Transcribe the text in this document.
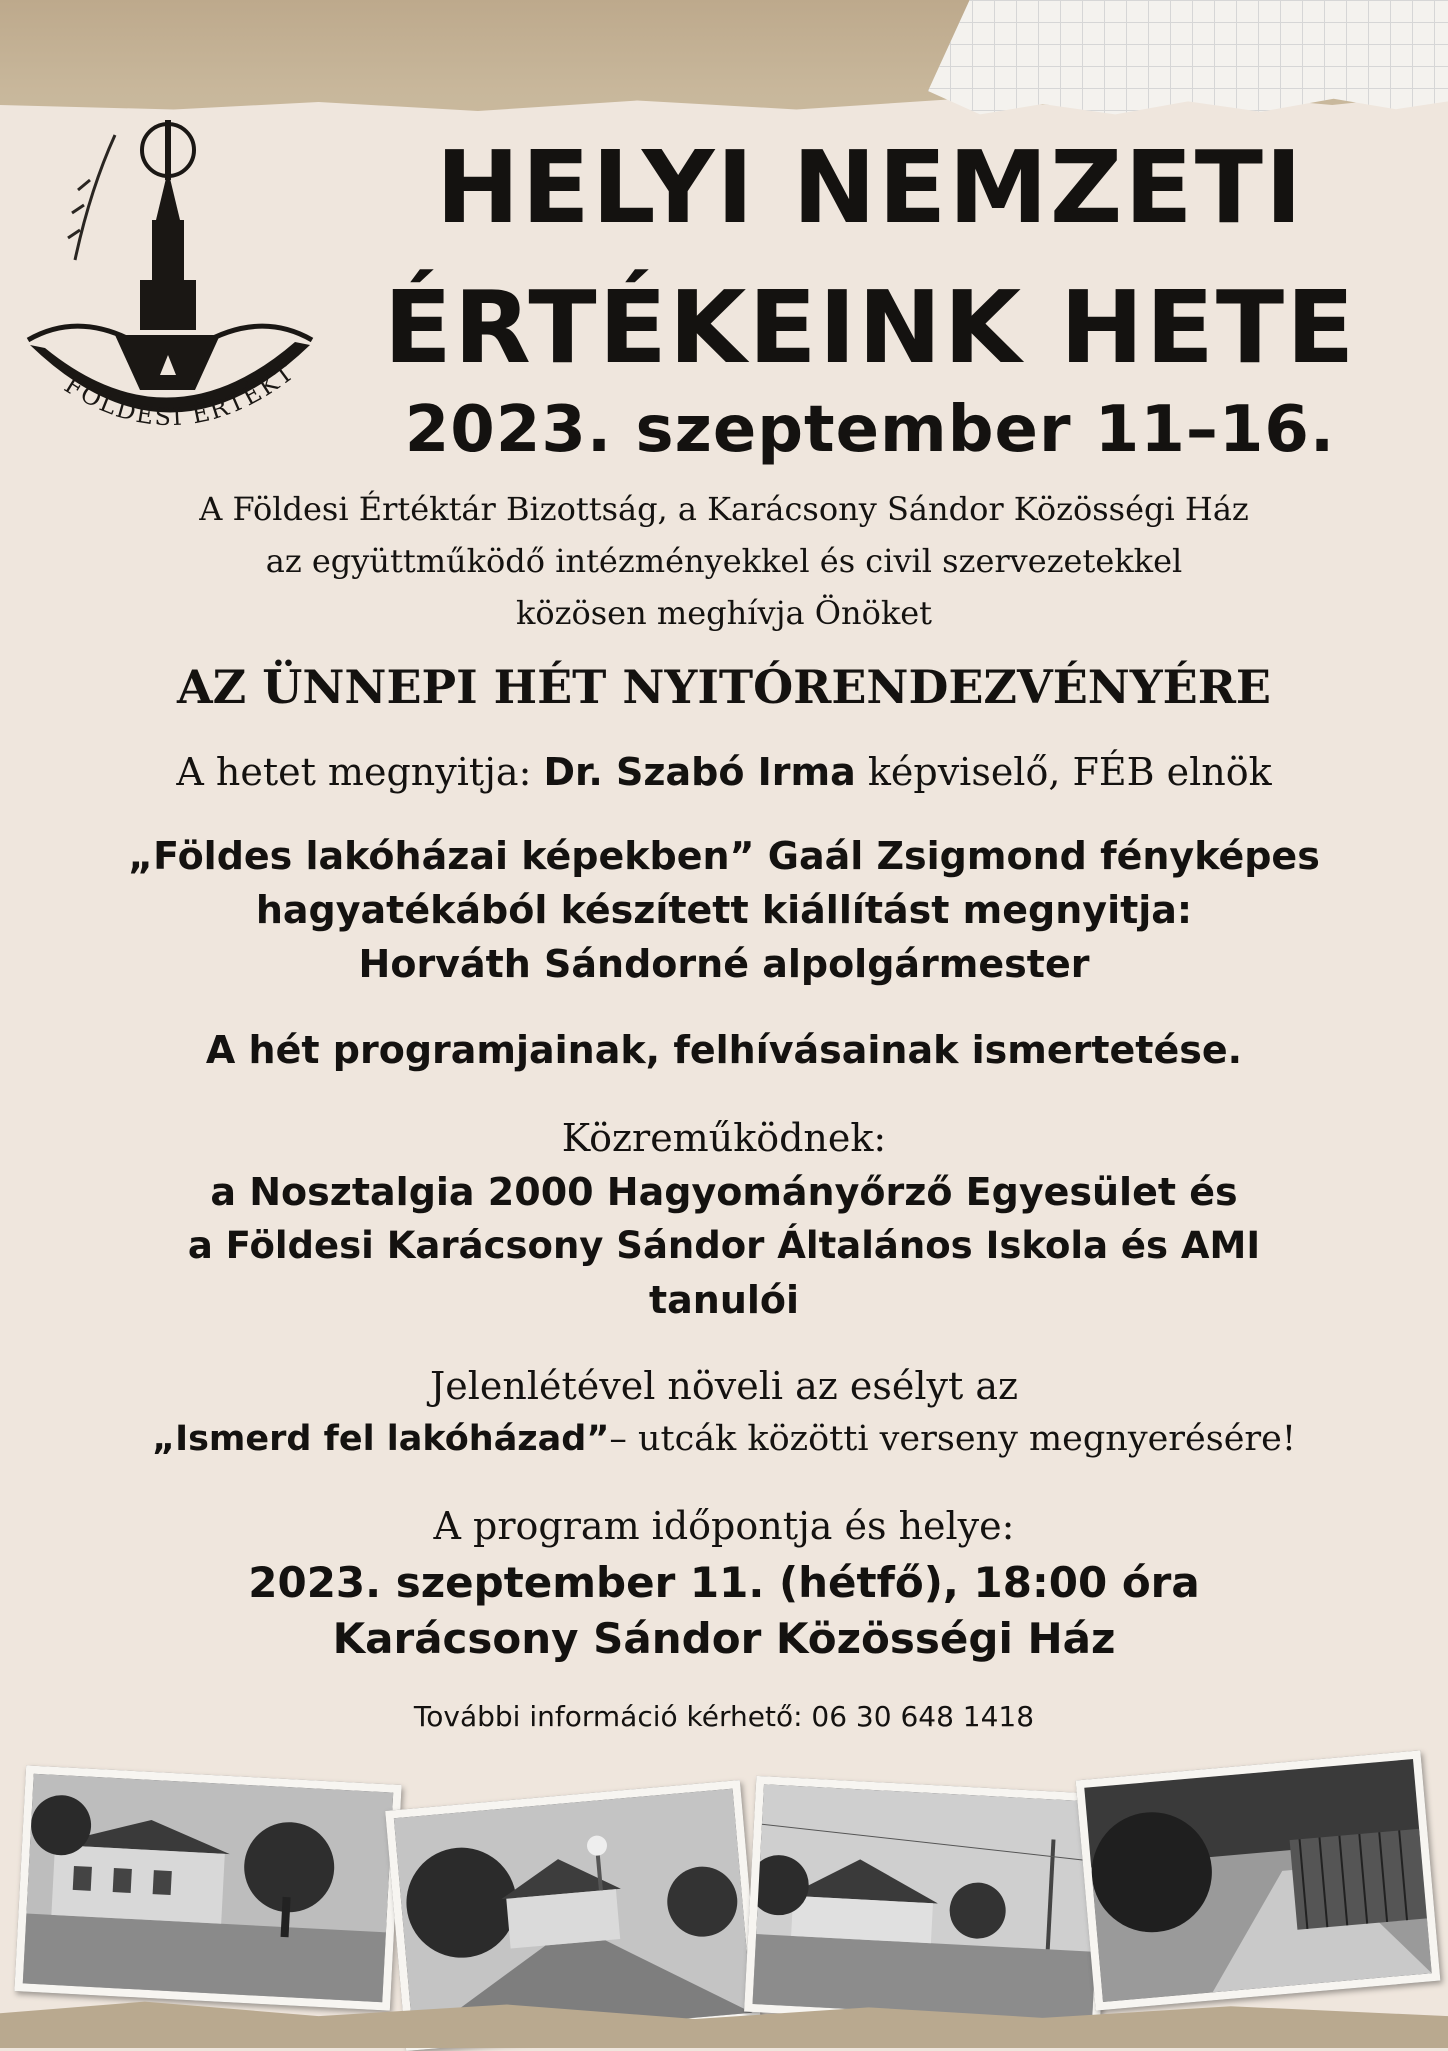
FÖLDESI ÉRTÉKT
HELYI NEMZETI
ÉRTÉKEINK HETE
2023. szeptember 11–16.
A Földesi Értéktár Bizottság, a Karácsony Sándor Közösségi Ház
az együttműködő intézményekkel és civil szervezetekkel
közösen meghívja Önöket
AZ ÜNNEPI HÉT NYITÓRENDEZVÉNYÉRE
A hetet megnyitja: Dr. Szabó Irma képviselő, FÉB elnök
„Földes lakóházai képekben” Gaál Zsigmond fényképes
hagyatékából készített kiállítást megnyitja:
Horváth Sándorné alpolgármester
A hét programjainak, felhívásainak ismertetése.
Közreműködnek:
a Nosztalgia 2000 Hagyományőrző Egyesület és
a Földesi Karácsony Sándor Általános Iskola és AMI
tanulói
Jelenlétével növeli az esélyt az
„Ismerd fel lakóházad”– utcák közötti verseny megnyerésére!
A program időpontja és helye:
2023. szeptember 11. (hétfő), 18:00 óra
Karácsony Sándor Közösségi Ház
További információ kérhető: 06 30 648 1418
